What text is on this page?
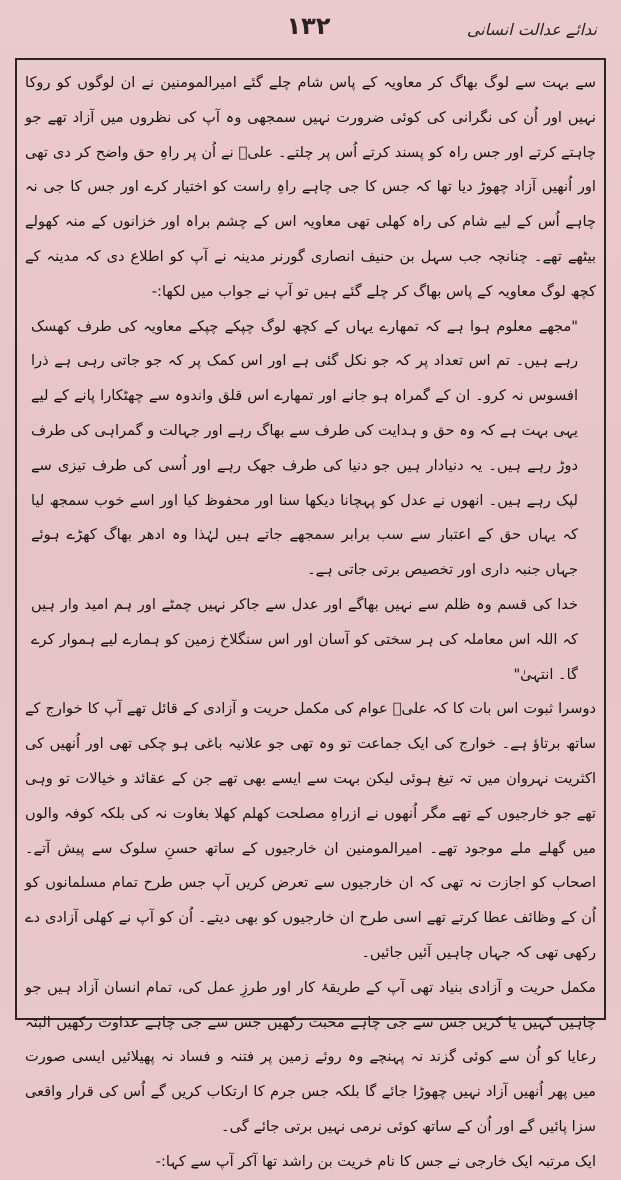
ندائے عدالت انسانی
۱۳۲

سے بہت سے لوگ بھاگ کر معاویہ کے پاس شام چلے گئے امیرالمومنین نے ان لوگوں کو روکا نہیں اور اُن کی نگرانی کی کوئی ضرورت نہیں سمجھی وہ آپ کی نظروں میں آزاد تھے جو چاہتے کرتے اور جس راہ کو پسند کرتے اُس پر چلتے۔ علیؑ نے اُن پر راہِ حق واضح کر دی تھی اور اُنھیں آزاد چھوڑ دیا تھا کہ جس کا جی چاہے راہِ راست کو اختیار کرے اور جس کا جی نہ چاہے اُس کے لیے شام کی راہ کھلی تھی معاویہ اس کے چشم براہ اور خزانوں کے منہ کھولے بیٹھے تھے۔ چنانچہ جب سہل بن حنیف انصاری گورنر مدینہ نے آپ کو اطلاع دی کہ مدینہ کے کچھ لوگ معاویہ کے پاس بھاگ کر چلے گئے ہیں تو آپ نے جواب میں لکھا:-

"مجھے معلوم ہوا ہے کہ تمھارے یہاں کے کچھ لوگ چپکے چپکے معاویہ کی طرف کھسک رہے ہیں۔ تم اس تعداد پر کہ جو نکل گئی ہے اور اس کمک پر کہ جو جاتی رہی ہے ذرا افسوس نہ کرو۔ ان کے گمراہ ہو جانے اور تمھارے اس قلق واندوہ سے چھٹکارا پانے کے لیے یہی بہت ہے کہ وہ حق و ہدایت کی طرف سے بھاگ رہے اور جہالت و گمراہی کی طرف دوڑ رہے ہیں۔ یہ دنیادار ہیں جو دنیا کی طرف جھک رہے اور اُسی کی طرف تیزی سے لپک رہے ہیں۔ انھوں نے عدل کو پہچانا دیکھا سنا اور محفوظ کیا اور اسے خوب سمجھ لیا کہ یہاں حق کے اعتبار سے سب برابر سمجھے جاتے ہیں لہٰذا وہ ادھر بھاگ کھڑے ہوئے جہاں جنبہ داری اور تخصیص برتی جاتی ہے۔

خدا کی قسم وہ ظلم سے نہیں بھاگے اور عدل سے جاکر نہیں چمٹے اور ہم امید وار ہیں کہ اللہ اس معاملہ کی ہر سختی کو آسان اور اس سنگلاخ زمین کو ہمارے لیے ہموار کرے گا۔ انتہیٰ"

دوسرا ثبوت اس بات کا کہ علیؑ عوام کی مکمل حریت و آزادی کے قائل تھے آپ کا خوارج کے ساتھ برتاؤ ہے۔ خوارج کی ایک جماعت تو وہ تھی جو علانیہ باغی ہو چکی تھی اور اُنھیں کی اکثریت نہروان میں تہ تیغ ہوئی لیکن بہت سے ایسے بھی تھے جن کے عقائد و خیالات تو وہی تھے جو خارجیوں کے تھے مگر اُنھوں نے ازراہِ مصلحت کھلم کھلا بغاوت نہ کی بلکہ کوفہ والوں میں گھلے ملے موجود تھے۔ امیرالمومنین ان خارجیوں کے ساتھ حسنِ سلوک سے پیش آتے۔ اصحاب کو اجازت نہ تھی کہ ان خارجیوں سے تعرض کریں آپ جس طرح تمام مسلمانوں کو اُن کے وظائف عطا کرتے تھے اسی طرح ان خارجیوں کو بھی دیتے۔ اُن کو آپ نے کھلی آزادی دے رکھی تھی کہ جہاں چاہیں آئیں جائیں۔

مکمل حریت و آزادی بنیاد تھی آپ کے طریقۂ کار اور طرزِ عمل کی، تمام انسان آزاد ہیں جو چاہیں کہیں یا کریں جس سے جی چاہے محبت رکھیں جس سے جی چاہے عداوت رکھیں البتہ رعایا کو اُن سے کوئی گزند نہ پہنچے وہ روئے زمین پر فتنہ و فساد نہ پھیلائیں ایسی صورت میں پھر اُنھیں آزاد نہیں چھوڑا جائے گا بلکہ جس جرم کا ارتکاب کریں گے اُس کی قرار واقعی سزا پائیں گے اور اُن کے ساتھ کوئی نرمی نہیں برتی جائے گی۔

ایک مرتبہ ایک خارجی نے جس کا نام خریت بن راشد تھا آکر آپ سے کہا:-
